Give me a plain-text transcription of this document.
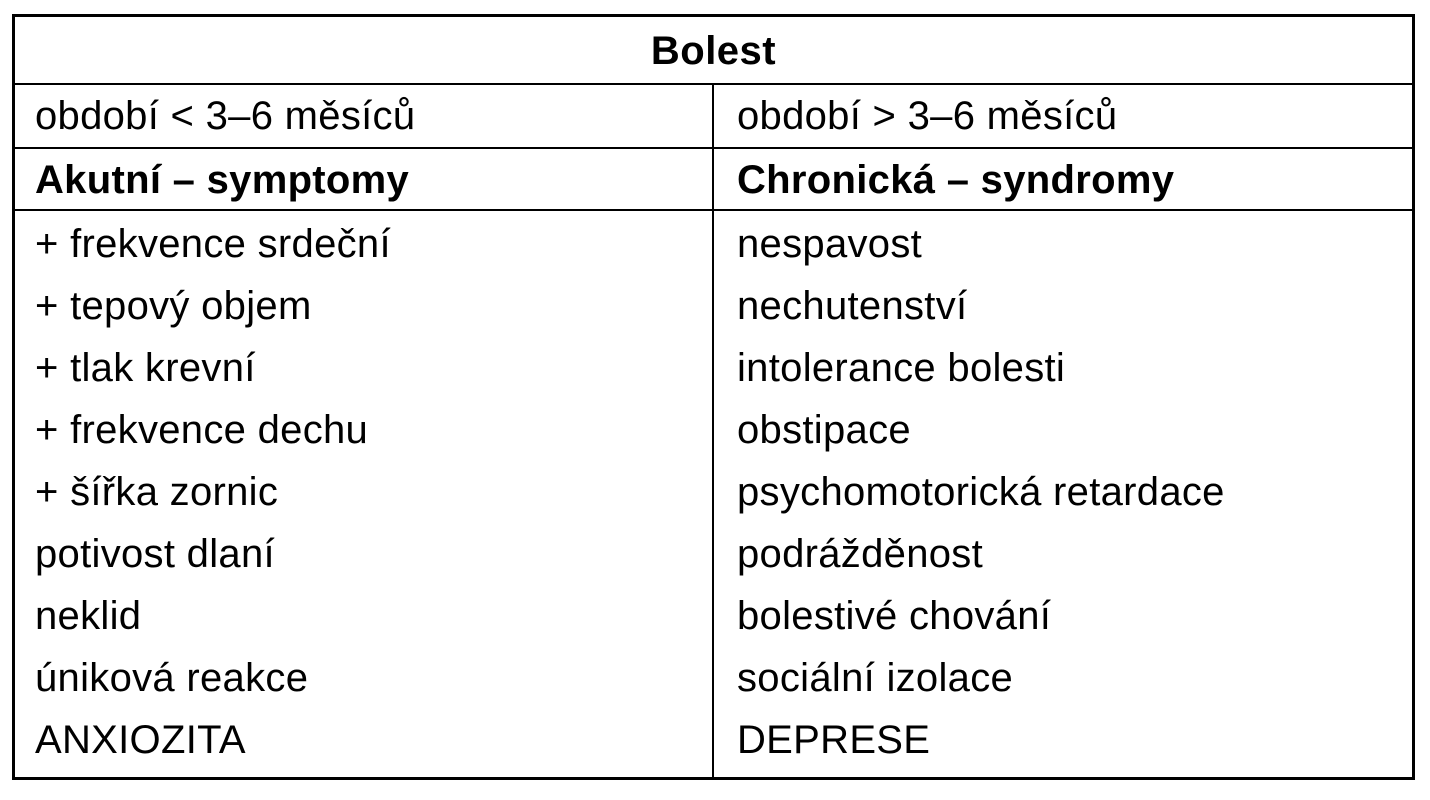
Bolest
období < 3–6 měsíců	období > 3–6 měsíců
Akutní – symptomy	Chronická – syndromy
+ frekvence srdeční
+ tepový objem
+ tlak krevní
+ frekvence dechu
+ šířka zornic
potivost dlaní
neklid
úniková reakce
ANXIOZITA
nespavost
nechutenství
intolerance bolesti
obstipace
psychomotorická retardace
podrážděnost
bolestivé chování
sociální izolace
DEPRESE
